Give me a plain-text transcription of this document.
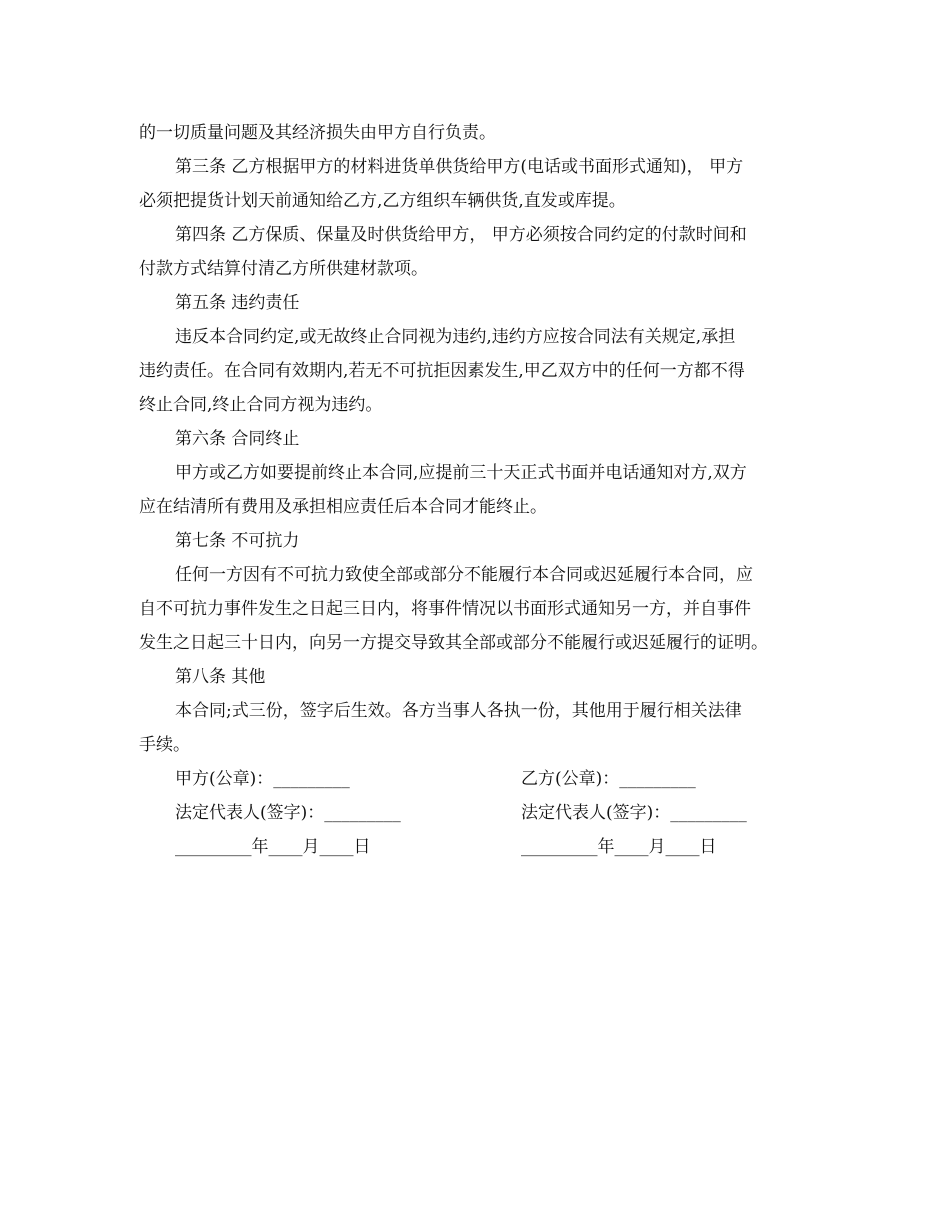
的一切质量问题及其经济损失由甲方自行负责。
第三条 乙方根据甲方的材料进货单供货给甲方(电话或书面形式通知)， 甲方
必须把提货计划天前通知给乙方,乙方组织车辆供货,直发或库提。
第四条 乙方保质、保量及时供货给甲方， 甲方必须按合同约定的付款时间和
付款方式结算付清乙方所供建材款项。
第五条 违约责任
违反本合同约定,或无故终止合同视为违约,违约方应按合同法有关规定,承担
违约责任。在合同有效期内,若无不可抗拒因素发生,甲乙双方中的任何一方都不得
终止合同,终止合同方视为违约。
第六条 合同终止
甲方或乙方如要提前终止本合同,应提前三十天正式书面并电话通知对方,双方
应在结清所有费用及承担相应责任后本合同才能终止。
第七条 不可抗力
任何一方因有不可抗力致使全部或部分不能履行本合同或迟延履行本合同，应
自不可抗力事件发生之日起三日内，将事件情况以书面形式通知另一方，并自事件
发生之日起三十日内，向另一方提交导致其全部或部分不能履行或迟延履行的证明。
第八条 其他
本合同;式三份，签字后生效。各方当事人各执一份，其他用于履行相关法律
手续。
甲方(公章)：_________	乙方(公章)：_________
法定代表人(签字)：_________	法定代表人(签字)：_________
_________年____月____日	_________年____月____日
